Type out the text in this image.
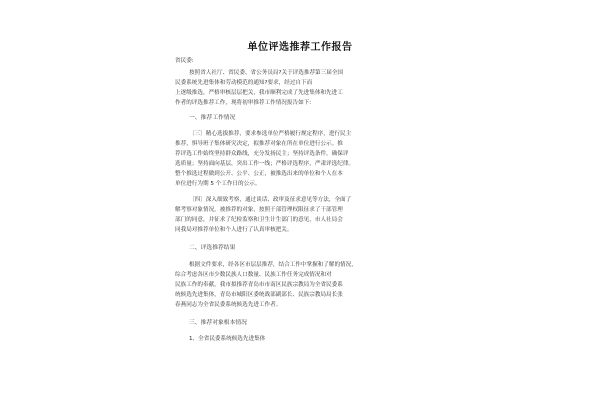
单位评选推荐工作报告
省民委:
按照省人社厅、省民委、省公务员局?关于评选推荐第三届全国
民委系统先进集体和劳动模范的通知?要求，经过自下而
上逐级推选，严格审核层层把关，我市顺利完成了先进集体和先进工
作者的评选推荐工作，现将初审推荐工作情况报告如下:
一、推荐工作情况
〔三〕精心选拔推荐，要求参选单位严格履行规定程序，进行民主
推荐，惧导班子集体研究决定，拟推荐对象在所在单位进行公示。推
荐评选工作始终坚持群众路线，充分发扬民主；坚持评选条件，确保评
选质量；坚持面向基层，突出工作一线；严格评选程序，严肃评选纪律。
整个推选过程做到公开、公平、公正，被推选出来的单位和个人在本
单位进行为期 5 个工作日的公示。
〔四〕深入细致考察，通过谈话、政审及征求意见等方法，全面了
解考察对象情况，被推荐的对象，按照干部管理权限征求了干部管理
部门的同意，并征求了纪检监察和卫生计生部门的意见，市人社局会
同我局对推荐单位和个人进行了认真审核把关。
二、评选推荐结果
根据文件要求，经各区市层层推荐，结合工作中掌握和了解的情况，
综合考虑各区市少数民族人口数量、民族工作任务完成情况和对
民族工作的奉献，我市拟推荐青岛市市南区民族宗教局为全省民委系
统候选先进集体，青岛市城阳区委统战部副部长、民族宗教局局长张
春燕同志为全省民委系统候选先进工作者。
三、推荐对象根本情况
1、全省民委系统候选先进集体
